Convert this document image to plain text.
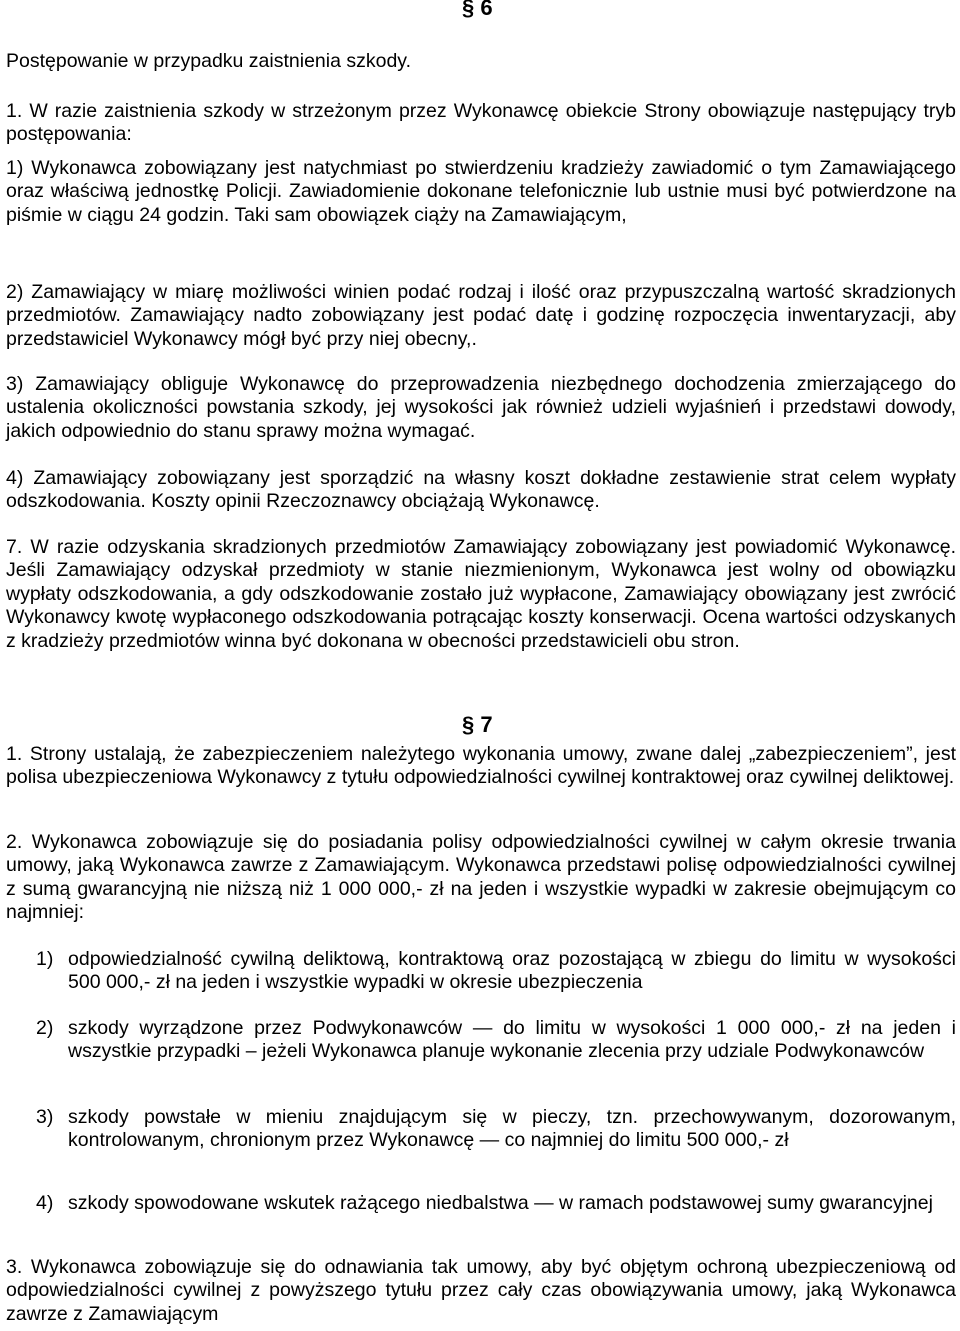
§ 6

Postępowanie w przypadku zaistnienia szkody.

1. W razie zaistnienia szkody w strzeżonym przez Wykonawcę obiekcie Strony obowiązuje następujący tryb postępowania:

1) Wykonawca zobowiązany jest natychmiast po stwierdzeniu kradzieży zawiadomić o tym Zamawiającego oraz właściwą jednostkę Policji. Zawiadomienie dokonane telefonicznie lub ustnie musi być potwierdzone na piśmie w ciągu 24 godzin. Taki sam obowiązek ciąży na Zamawiającym,

2) Zamawiający w miarę możliwości winien podać rodzaj i ilość oraz przypuszczalną wartość skradzionych przedmiotów. Zamawiający nadto zobowiązany jest podać datę i godzinę rozpoczęcia inwentaryzacji, aby przedstawiciel Wykonawcy mógł być przy niej obecny,.

3) Zamawiający obliguje Wykonawcę do przeprowadzenia niezbędnego dochodzenia zmierzającego do ustalenia okoliczności powstania szkody, jej wysokości jak również udzieli wyjaśnień i przedstawi dowody, jakich odpowiednio do stanu sprawy można wymagać.

4) Zamawiający zobowiązany jest sporządzić na własny koszt dokładne zestawienie strat celem wypłaty odszkodowania. Koszty opinii Rzeczoznawcy obciążają Wykonawcę.

7. W razie odzyskania skradzionych przedmiotów Zamawiający zobowiązany jest powiadomić Wykonawcę. Jeśli Zamawiający odzyskał przedmioty w stanie niezmienionym, Wykonawca jest wolny od obowiązku wypłaty odszkodowania, a gdy odszkodowanie zostało już wypłacone, Zamawiający obowiązany jest zwrócić Wykonawcy kwotę wypłaconego odszkodowania potrącając koszty konserwacji. Ocena wartości odzyskanych z kradzieży przedmiotów winna być dokonana w obecności przedstawicieli obu stron.

§ 7

1. Strony ustalają, że zabezpieczeniem należytego wykonania umowy, zwane dalej „zabezpieczeniem”, jest polisa ubezpieczeniowa Wykonawcy z tytułu odpowiedzialności cywilnej kontraktowej oraz cywilnej deliktowej.

2. Wykonawca zobowiązuje się do posiadania polisy odpowiedzialności cywilnej w całym okresie trwania umowy, jaką Wykonawca zawrze z Zamawiającym. Wykonawca przedstawi polisę odpowiedzialności cywilnej z sumą gwarancyjną nie niższą niż 1 000 000,- zł na jeden i wszystkie wypadki w zakresie obejmującym co najmniej:

1) odpowiedzialność cywilną deliktową, kontraktową oraz pozostającą w zbiegu do limitu w wysokości 500 000,- zł na jeden i wszystkie wypadki w okresie ubezpieczenia
2) szkody wyrządzone przez Podwykonawców — do limitu w wysokości 1 000 000,- zł na jeden i wszystkie przypadki – jeżeli Wykonawca planuje wykonanie zlecenia przy udziale Podwykonawców
3) szkody powstałe w mieniu znajdującym się w pieczy, tzn. przechowywanym, dozorowanym, kontrolowanym, chronionym przez Wykonawcę — co najmniej do limitu 500 000,- zł
4) szkody spowodowane wskutek rażącego niedbalstwa — w ramach podstawowej sumy gwarancyjnej

3. Wykonawca zobowiązuje się do odnawiania tak umowy, aby być objętym ochroną ubezpieczeniową od odpowiedzialności cywilnej z powyższego tytułu przez cały czas obowiązywania umowy, jaką Wykonawca zawrze z Zamawiającym
